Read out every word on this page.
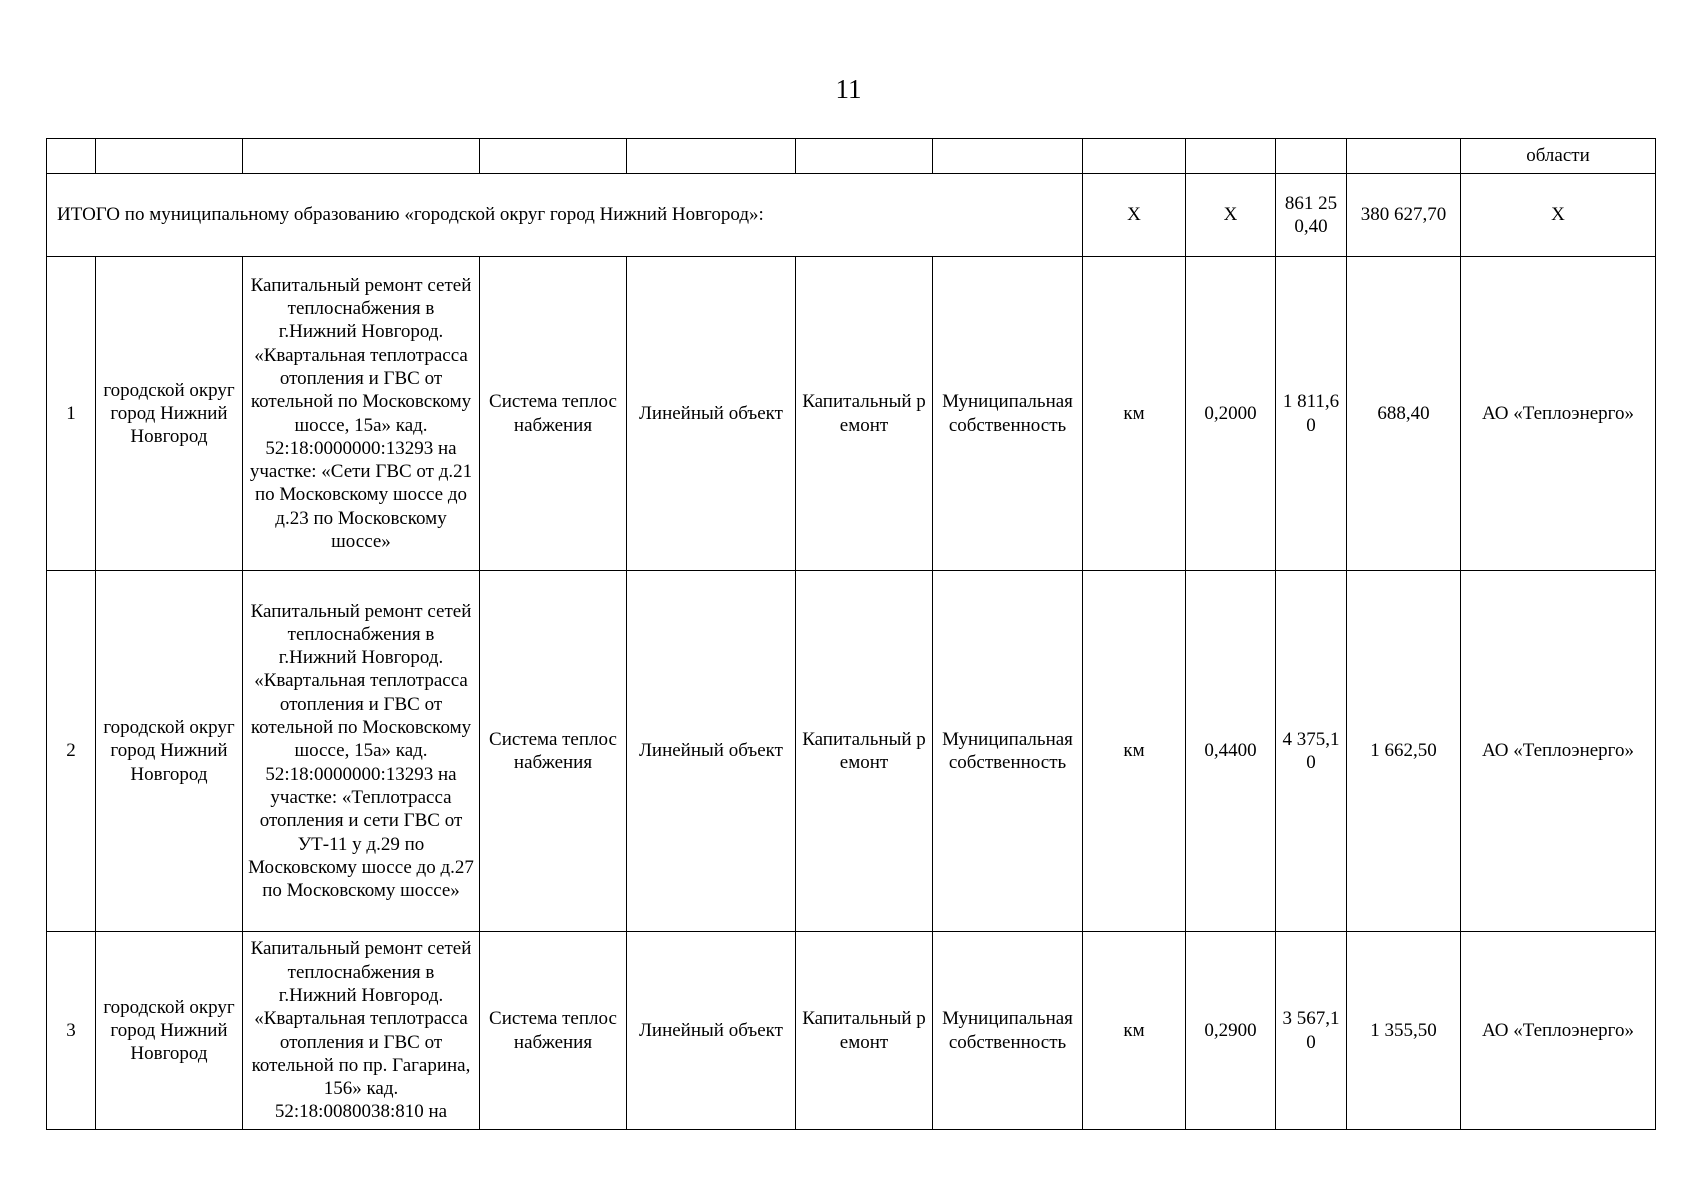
11
											области
ИТОГО по муниципальному образованию «городской округ город Нижний Новгород»:							Х	Х	861 250,40	380 627,70	Х
1	городской округ город Нижний Новгород	Капитальный ремонт сетей теплоснабжения в г.Нижний Новгород. «Квартальная теплотрасса отопления и ГВС от котельной по Московскому шоссе, 15а» кад. 52:18:0000000:13293 на участке: «Сети ГВС от д.21 по Московскому шоссе до д.23 по Московскому шоссе»	Система теплоснабжения	Линейный объект	Капитальный ремонт	Муниципальная собственность	км	0,2000	1 811,60	688,40	АО «Теплоэнерго»
2	городской округ город Нижний Новгород	Капитальный ремонт сетей теплоснабжения в г.Нижний Новгород. «Квартальная теплотрасса отопления и ГВС от котельной по Московскому шоссе, 15а» кад. 52:18:0000000:13293 на участке: «Теплотрасса отопления и сети ГВС от УТ-11 у д.29 по Московскому шоссе до д.27 по Московскому шоссе»	Система теплоснабжения	Линейный объект	Капитальный ремонт	Муниципальная собственность	км	0,4400	4 375,10	1 662,50	АО «Теплоэнерго»
3	городской округ город Нижний Новгород	Капитальный ремонт сетей теплоснабжения в г.Нижний Новгород. «Квартальная теплотрасса отопления и ГВС от котельной по пр. Гагарина, 156» кад. 52:18:0080038:810 на	Система теплоснабжения	Линейный объект	Капитальный ремонт	Муниципальная собственность	км	0,2900	3 567,10	1 355,50	АО «Теплоэнерго»
